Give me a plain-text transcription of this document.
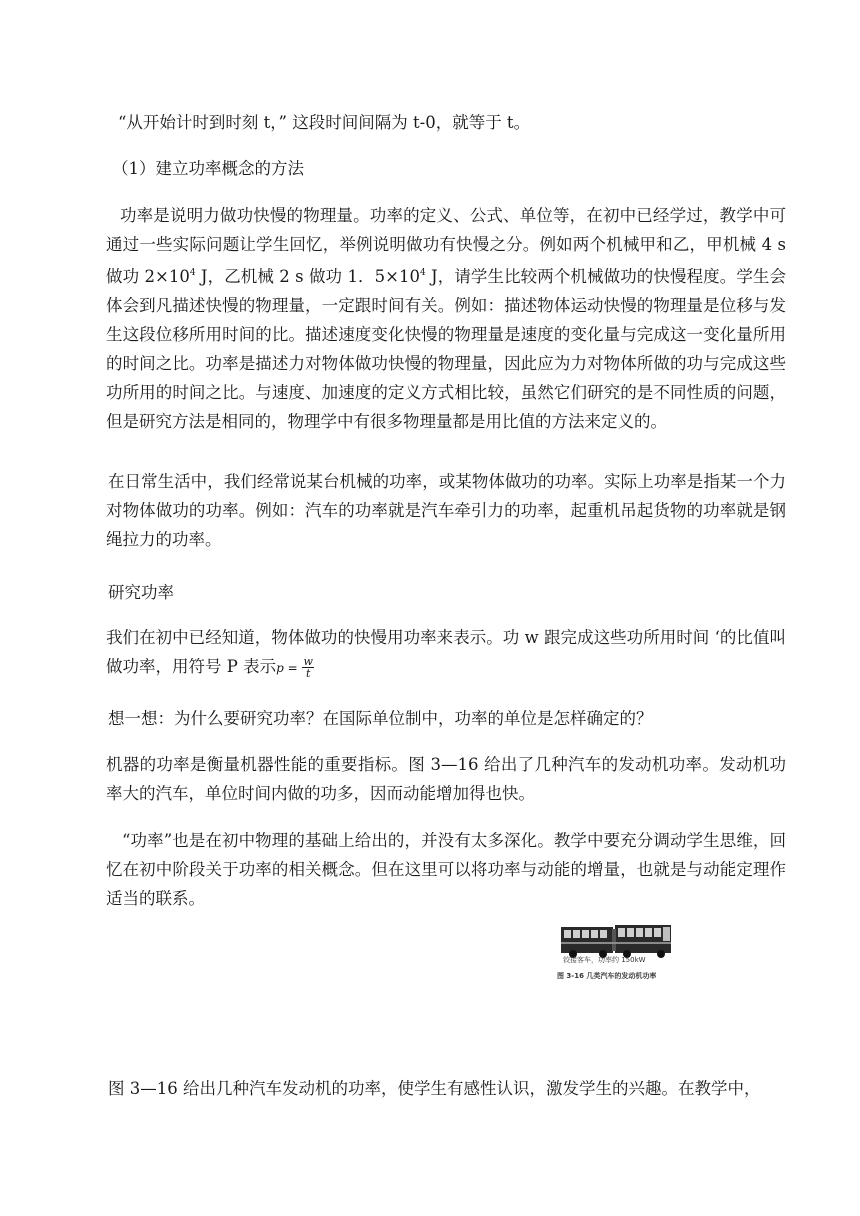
“从开始计时到时刻 t，” 这段时间间隔为 t-0，就等于 t。
（1）建立功率概念的方法
功率是说明力做功快慢的物理量。功率的定义、公式、单位等，在初中已经学过，教学中可通过一些实际问题让学生回忆，举例说明做功有快慢之分。例如两个机械甲和乙，甲机械 4 s 做功 $2\times 10^4$ J，乙机械 2 s 做功 1．$5\times 10^4$ J，请学生比较两个机械做功的快慢程度。学生会体会到凡描述快慢的物理量，一定跟时间有关。例如：描述物体运动快慢的物理量是位移与发生这段位移所用时间的比。描述速度变化快慢的物理量是速度的变化量与完成这一变化量所用的时间之比。功率是描述力对物体做功快慢的物理量，因此应为力对物体所做的功与完成这些功所用的时间之比。与速度、加速度的定义方式相比较，虽然它们研究的是不同性质的问题，但是研究方法是相同的，物理学中有很多物理量都是用比值的方法来定义的。
在日常生活中，我们经常说某台机械的功率，或某物体做功的功率。实际上功率是指某一个力对物体做功的功率。例如：汽车的功率就是汽车牵引力的功率，起重机吊起货物的功率就是钢绳拉力的功率。
研究功率
我们在初中已经知道，物体做功的快慢用功率来表示。功 w 跟完成这些功所用时间 ‘的比值叫做功率，用符号 P 表示$p = \frac{w}{t}$
想一想：为什么要研究功率？在国际单位制中，功率的单位是怎样确定的？
机器的功率是衡量机器性能的重要指标。图 3—16 给出了几种汽车的发动机功率。发动机功率大的汽车，单位时间内做的功多，因而动能增加得也快。
“功率”也是在初中物理的基础上给出的，并没有太多深化。教学中要充分调动学生思维，回忆在初中阶段关于功率的相关概念。但在这里可以将功率与动能的增量，也就是与动能定理作适当的联系。
铰接客车，功率约 150kW
图 3-16 几类汽车的发动机功率
图 3—16 给出几种汽车发动机的功率，使学生有感性认识，激发学生的兴趣。在教学中，
